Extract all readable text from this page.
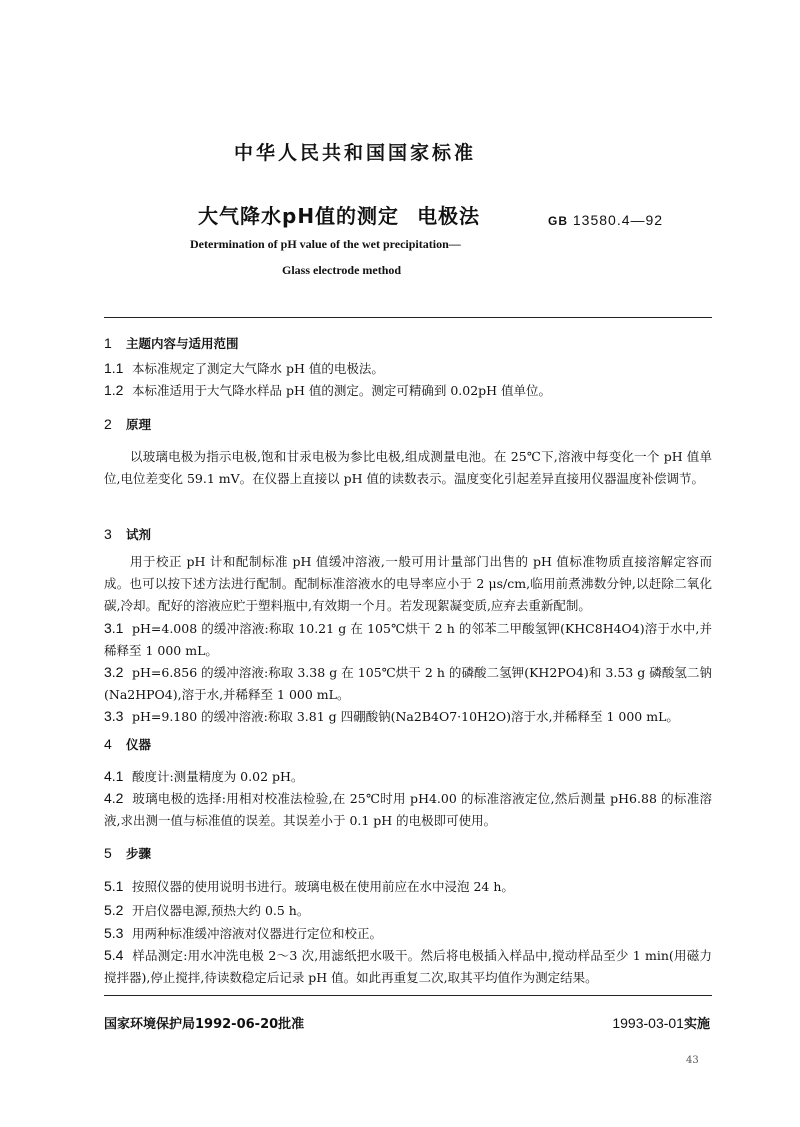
中华人民共和国国家标准
大气降水pH值的测定 电极法	GB 13580.4—92
Determination of pH value of the wet precipitation—
Glass electrode method
1 主题内容与适用范围
1.1 本标准规定了测定大气降水 pH 值的电极法。
1.2 本标准适用于大气降水样品 pH 值的测定。测定可精确到 0.02pH 值单位。
2 原理
以玻璃电极为指示电极,饱和甘汞电极为参比电极,组成测量电池。在 25℃下,溶液中每变化一个 pH 值单位,电位差变化 59.1 mV。在仪器上直接以 pH 值的读数表示。温度变化引起差异直接用仪器温度补偿调节。
3 试剂
用于校正 pH 计和配制标准 pH 值缓冲溶液,一般可用计量部门出售的 pH 值标准物质直接溶解定容而成。也可以按下述方法进行配制。配制标准溶液水的电导率应小于 2 μs/cm,临用前煮沸数分钟,以赶除二氧化碳,冷却。配好的溶液应贮于塑料瓶中,有效期一个月。若发现絮凝变质,应弃去重新配制。
3.1 pH=4.008 的缓冲溶液:称取 10.21 g 在 105℃烘干 2 h 的邻苯二甲酸氢钾(KHC8H4O4)溶于水中,并稀释至 1 000 mL。
3.2 pH=6.856 的缓冲溶液:称取 3.38 g 在 105℃烘干 2 h 的磷酸二氢钾(KH2PO4)和 3.53 g 磷酸氢二钠(Na2HPO4),溶于水,并稀释至 1 000 mL。
3.3 pH=9.180 的缓冲溶液:称取 3.81 g 四硼酸钠(Na2B4O7·10H2O)溶于水,并稀释至 1 000 mL。
4 仪器
4.1 酸度计:测量精度为 0.02 pH。
4.2 玻璃电极的选择:用相对校准法检验,在 25℃时用 pH4.00 的标准溶液定位,然后测量 pH6.88 的标准溶液,求出测一值与标准值的误差。其误差小于 0.1 pH 的电极即可使用。
5 步骤
5.1 按照仪器的使用说明书进行。玻璃电极在使用前应在水中浸泡 24 h。
5.2 开启仪器电源,预热大约 0.5 h。
5.3 用两种标准缓冲溶液对仪器进行定位和校正。
5.4 样品测定:用水冲洗电极 2～3 次,用滤纸把水吸干。然后将电极插入样品中,搅动样品至少 1 min(用磁力搅拌器),停止搅拌,待读数稳定后记录 pH 值。如此再重复二次,取其平均值作为测定结果。
国家环境保护局1992-06-20批准	1993-03-01实施
43
